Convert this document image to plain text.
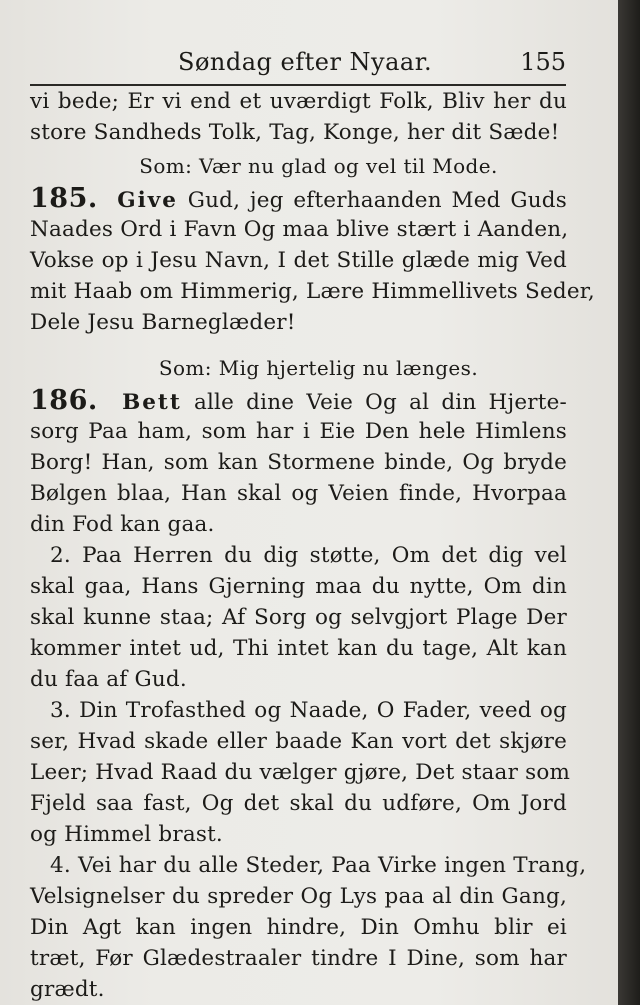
Søndag efter Nyaar.	155
vi bede; Er vi end et uværdigt Folk, Bliv her du
store Sandheds Tolk, Tag, Konge, her dit Sæde!
Som: Vær nu glad og vel til Mode.
185. Give Gud, jeg efterhaanden Med Guds
Naades Ord i Favn Og maa blive stært i Aanden,
Vokse op i Jesu Navn, I det Stille glæde mig Ved
mit Haab om Himmerig, Lære Himmellivets Seder,
Dele Jesu Barneglæder!
Som: Mig hjertelig nu længes.
186. Bett alle dine Veie Og al din Hjerte-
sorg Paa ham, som har i Eie Den hele Himlens
Borg! Han, som kan Stormene binde, Og bryde
Bølgen blaa, Han skal og Veien finde, Hvorpaa
din Fod kan gaa.
2. Paa Herren du dig støtte, Om det dig vel
skal gaa, Hans Gjerning maa du nytte, Om din
skal kunne staa; Af Sorg og selvgjort Plage Der
kommer intet ud, Thi intet kan du tage, Alt kan
du faa af Gud.
3. Din Trofasthed og Naade, O Fader, veed og
ser, Hvad skade eller baade Kan vort det skjøre
Leer; Hvad Raad du vælger gjøre, Det staar som
Fjeld saa fast, Og det skal du udføre, Om Jord
og Himmel brast.
4. Vei har du alle Steder, Paa Virke ingen Trang,
Velsignelser du spreder Og Lys paa al din Gang,
Din Agt kan ingen hindre, Din Omhu blir ei
træt, Før Glædestraaler tindre I Dine, som har
grædt.
